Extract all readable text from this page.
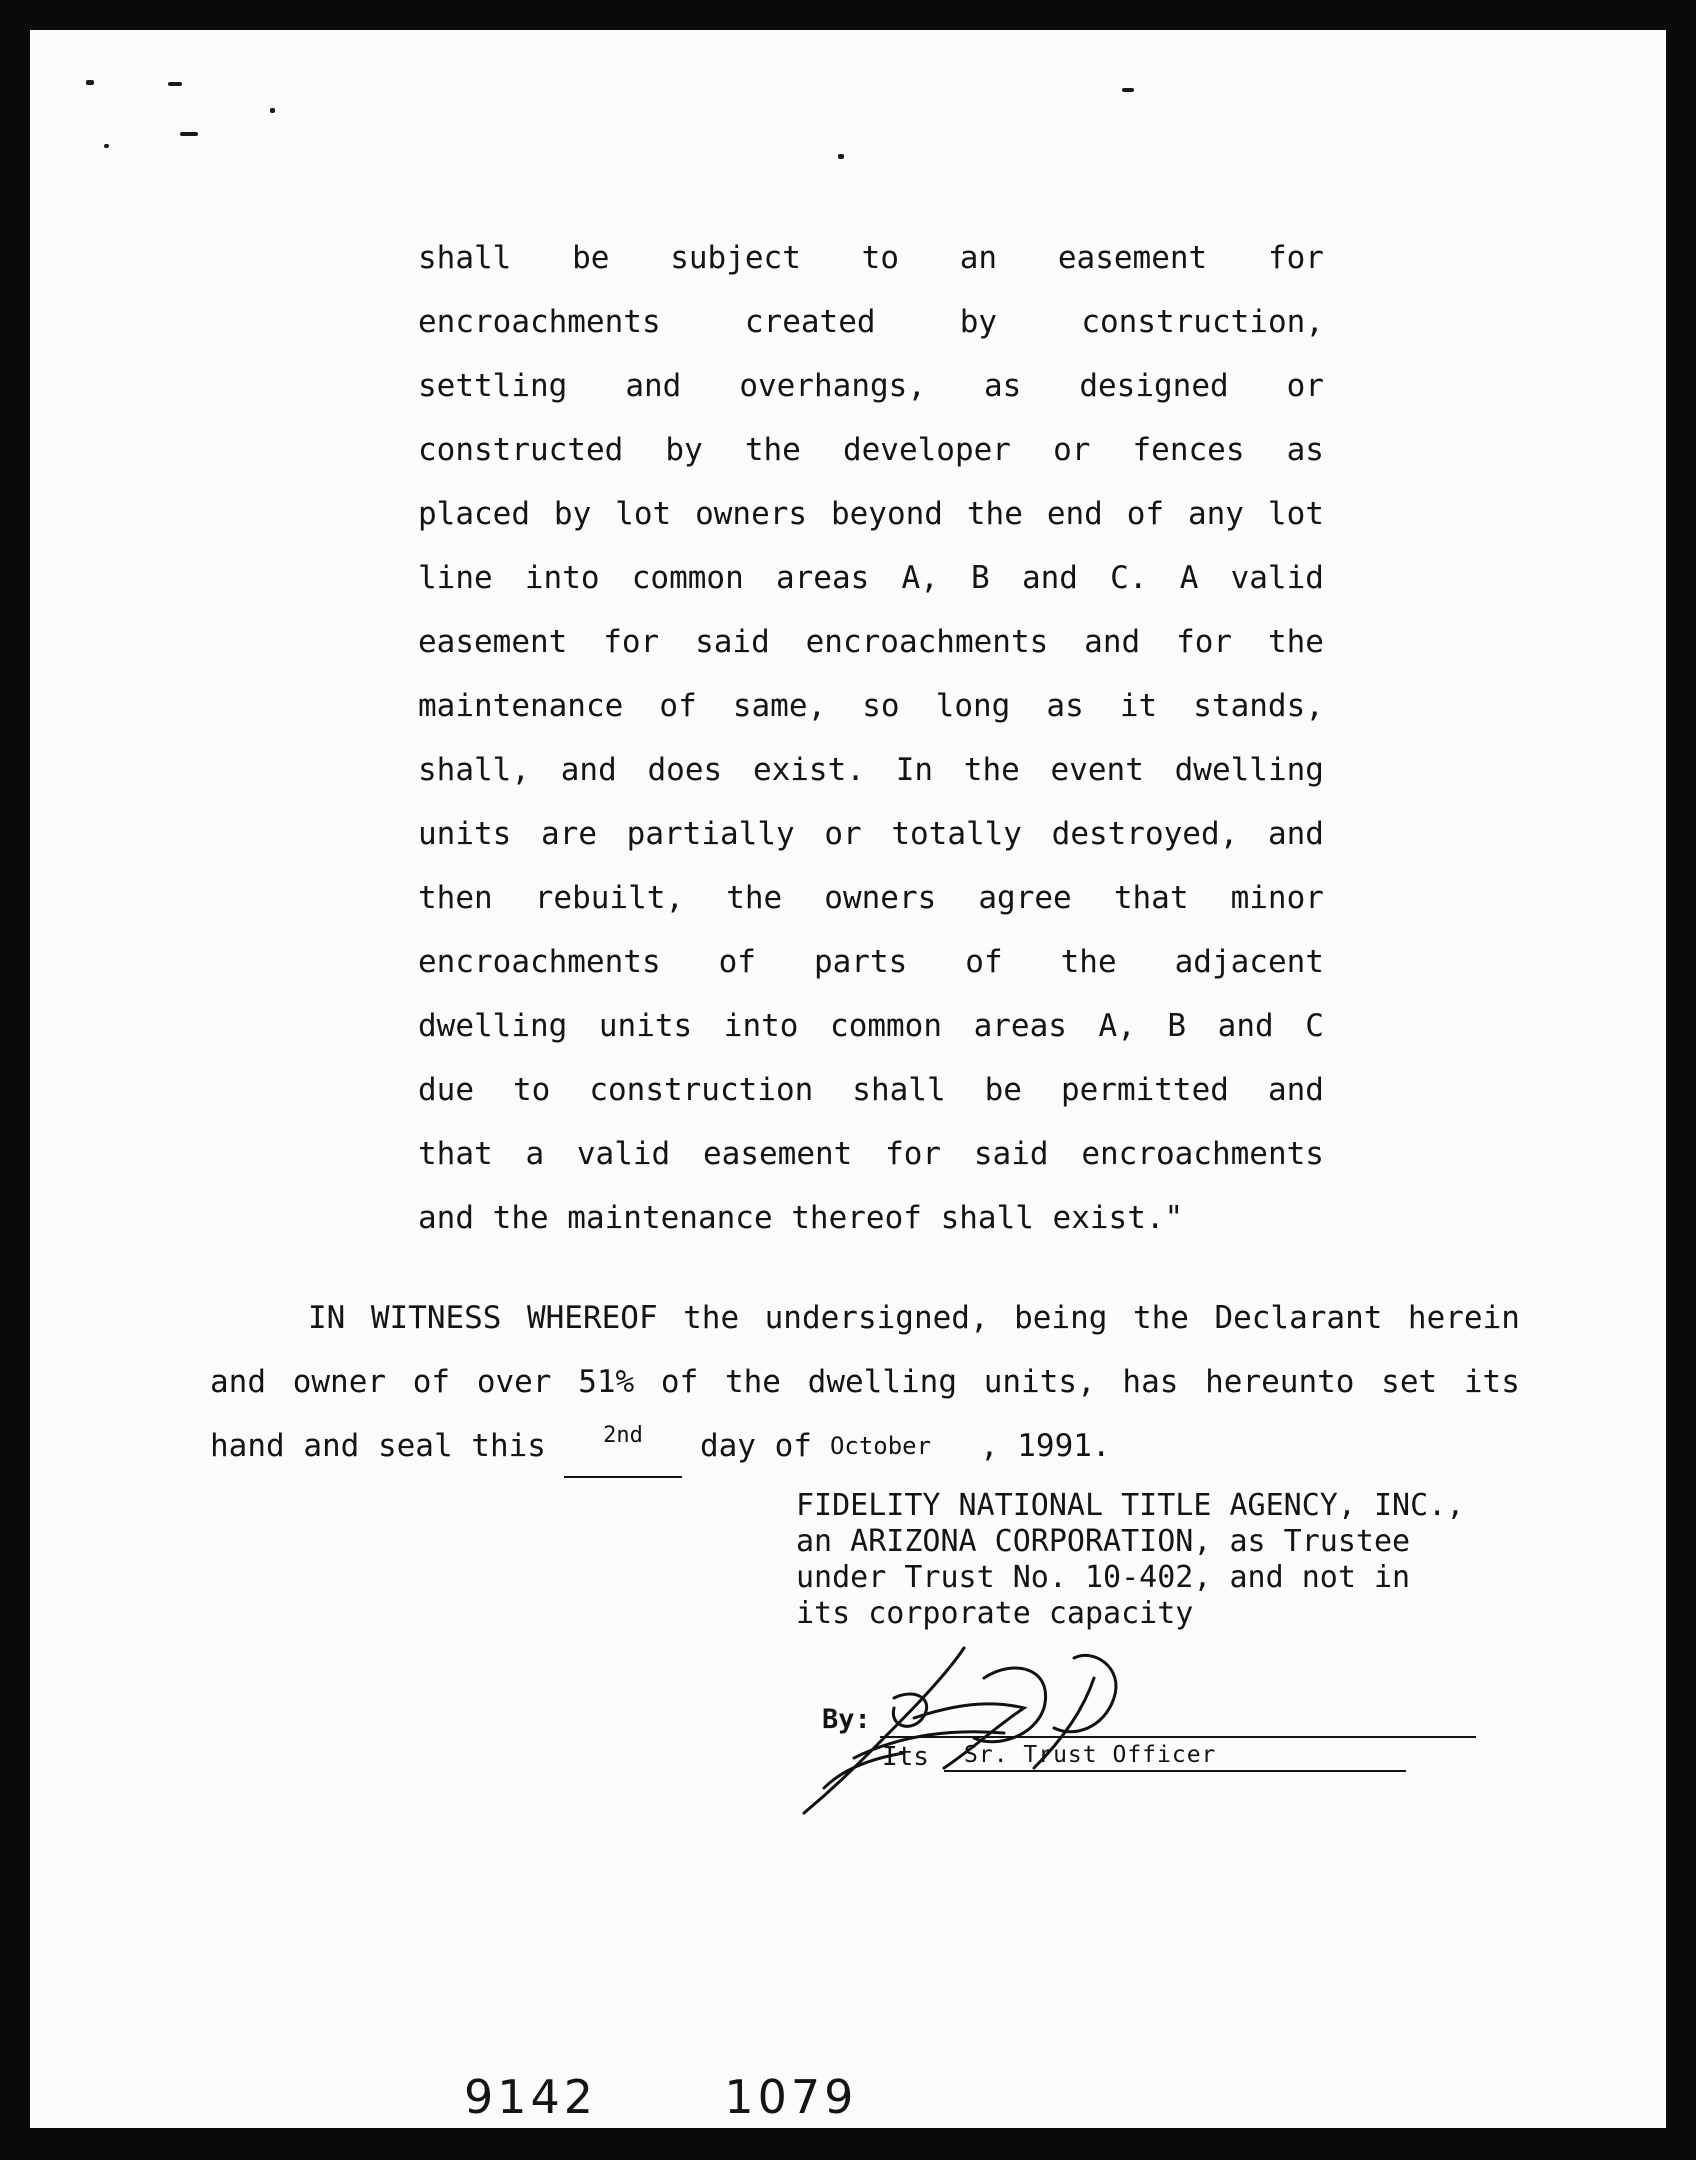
shall be subject to an easement for
encroachments	created	by	construction,
settling and overhangs, as designed or
constructed by the developer or fences as
placed by lot owners beyond the end of any lot
line into common areas A, B and C. A valid
easement for said encroachments and for the
maintenance of same, so long as it stands,
shall, and does exist. In the event dwelling
units are partially or totally destroyed, and
then rebuilt, the owners agree that minor
encroachments of parts of the adjacent
dwelling units into common areas A, B and C
due to construction shall be permitted and
that a valid easement for said encroachments
and the maintenance thereof shall exist."
IN WITNESS WHEREOF the undersigned, being the Declarant herein
and owner of over 51% of the dwelling units, has hereunto set its
hand and seal this	2nd	day of October	, 1991.
FIDELITY NATIONAL TITLE AGENCY, INC.,
an ARIZONA CORPORATION, as Trustee
under Trust No. 10-402, and not in
its corporate capacity
By:
Its Sr. Trust Officer
9142	1079
